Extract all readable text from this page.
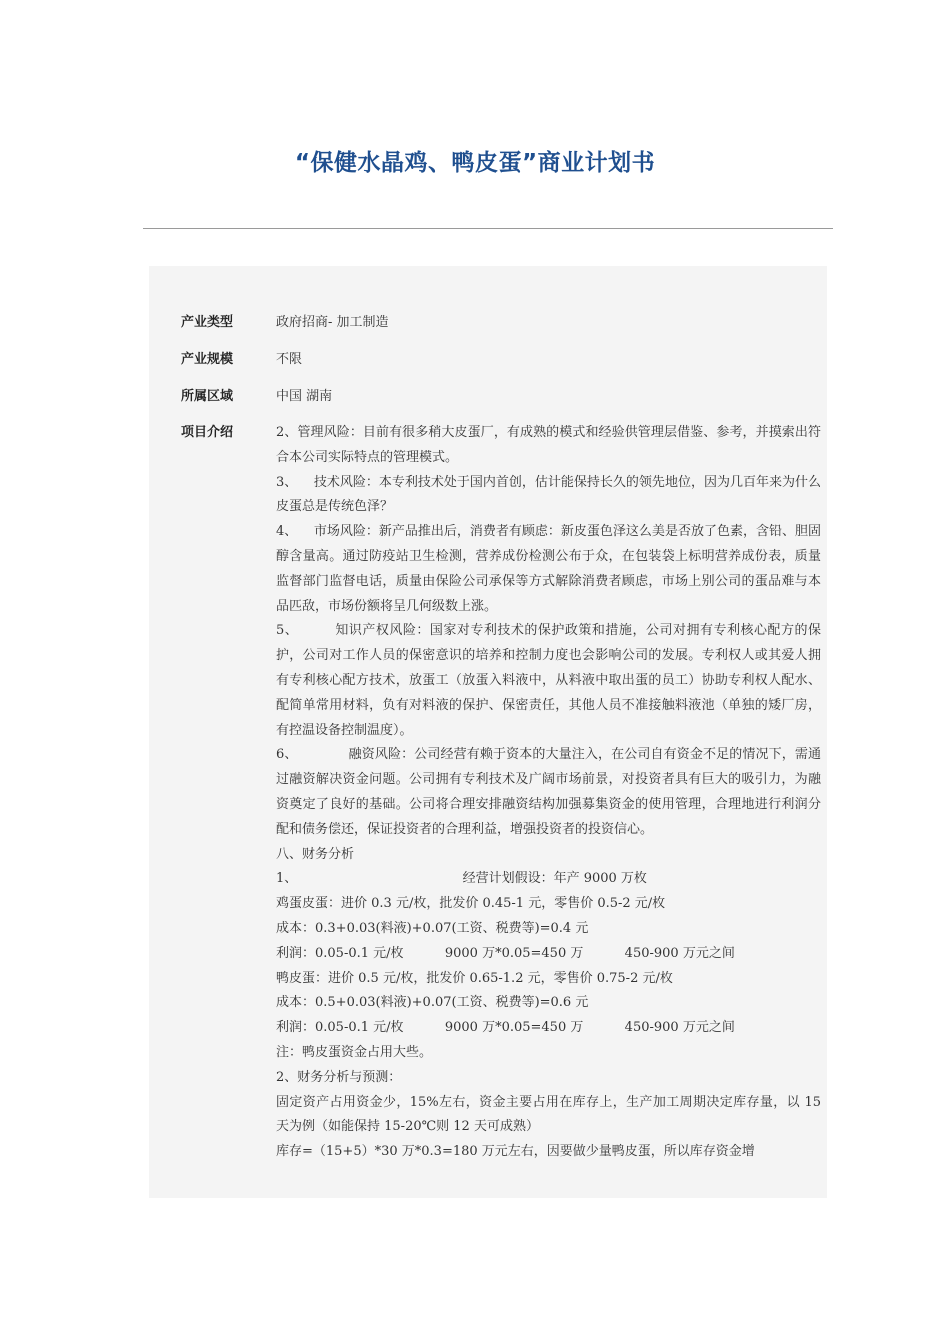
“保健水晶鸡、鸭皮蛋”商业计划书
产业类型	政府招商- 加工制造
产业规模	不限
所属区域	中国 湖南
项目介绍	2、管理风险：目前有很多稍大皮蛋厂，有成熟的模式和经验供管理层借鉴、参考，并摸索出符合本公司实际特点的管理模式。

3、    技术风险：本专利技术处于国内首创，估计能保持长久的领先地位，因为几百年来为什么皮蛋总是传统色泽？

4、    市场风险：新产品推出后，消费者有顾虑：新皮蛋色泽这么美是否放了色素，含铅、胆固醇含量高。通过防疫站卫生检测，营养成份检测公布于众，在包装袋上标明营养成份表，质量监督部门监督电话，质量由保险公司承保等方式解除消费者顾虑，市场上别公司的蛋品难与本品匹敌，市场份额将呈几何级数上涨。

5、        知识产权风险：国家对专利技术的保护政策和措施，公司对拥有专利核心配方的保护，公司对工作人员的保密意识的培养和控制力度也会影响公司的发展。专利权人或其爱人拥有专利核心配方技术，放蛋工（放蛋入料液中，从料液中取出蛋的员工）协助专利权人配水、配简单常用材料，负有对料液的保护、保密责任，其他人员不准接触料液池（单独的矮厂房，有控温设备控制温度）。

6、            融资风险：公司经营有赖于资本的大量注入，在公司自有资金不足的情况下，需通过融资解决资金问题。公司拥有专利技术及广阔市场前景，对投资者具有巨大的吸引力，为融资奠定了良好的基础。公司将合理安排融资结构加强募集资金的使用管理，合理地进行利润分配和债务偿还，保证投资者的合理利益，增强投资者的投资信心。

八、财务分析

1、                                        经营计划假设：年产 9000 万枚

鸡蛋皮蛋：进价 0.3 元/枚，批发价 0.45-1 元，零售价 0.5-2 元/枚

成本：0.3+0.03(料液)+0.07(工资、税费等)=0.4 元

利润：0.05-0.1 元/枚          9000 万*0.05=450 万          450-900 万元之间

鸭皮蛋：进价 0.5 元/枚，批发价 0.65-1.2 元，零售价 0.75-2 元/枚

成本：0.5+0.03(料液)+0.07(工资、税费等)=0.6 元

利润：0.05-0.1 元/枚          9000 万*0.05=450 万          450-900 万元之间

注：鸭皮蛋资金占用大些。

2、财务分析与预测：

固定资产占用资金少，15%左右，资金主要占用在库存上，生产加工周期决定库存量，以 15 天为例（如能保持 15-20℃则 12 天可成熟）

库存=（15+5）*30 万*0.3=180 万元左右，因要做少量鸭皮蛋，所以库存资金增
